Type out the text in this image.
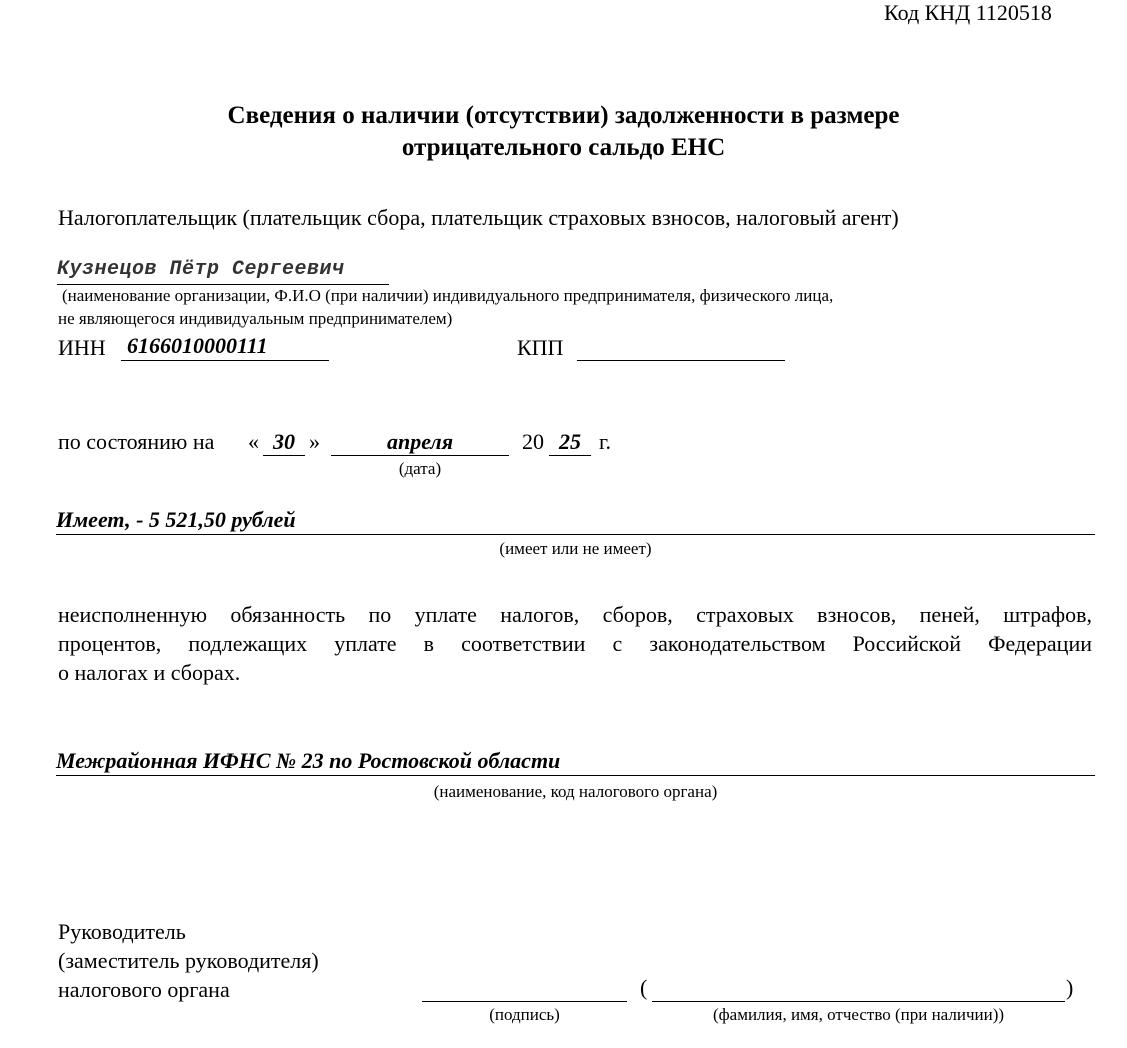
Код КНД 1120518
Сведения о наличии (отсутствии) задолженности в размере
отрицательного сальдо ЕНС
Налогоплательщик (плательщик сбора, плательщик страховых взносов, налоговый агент)
Кузнецов Пётр Сергеевич
(наименование организации, Ф.И.О (при наличии) индивидуального предпринимателя, физического лица,
не являющегося индивидуальным предпринимателем)
ИНН 6166010000111	КПП
по состоянию на « 30 »	апреля	20 25 г.
(дата)
Имеет, - 5 521,50 рублей
(имеет или не имеет)
неисполненную обязанность по уплате налогов, сборов, страховых взносов, пеней, штрафов,
процентов, подлежащих уплате в соответствии с законодательством Российской Федерации
о налогах и сборах.
Межрайонная ИФНС № 23 по Ростовской области
(наименование, код налогового органа)
Руководитель
(заместитель руководителя)
налогового органа
(подпись)
(	)
(фамилия, имя, отчество (при наличии))
